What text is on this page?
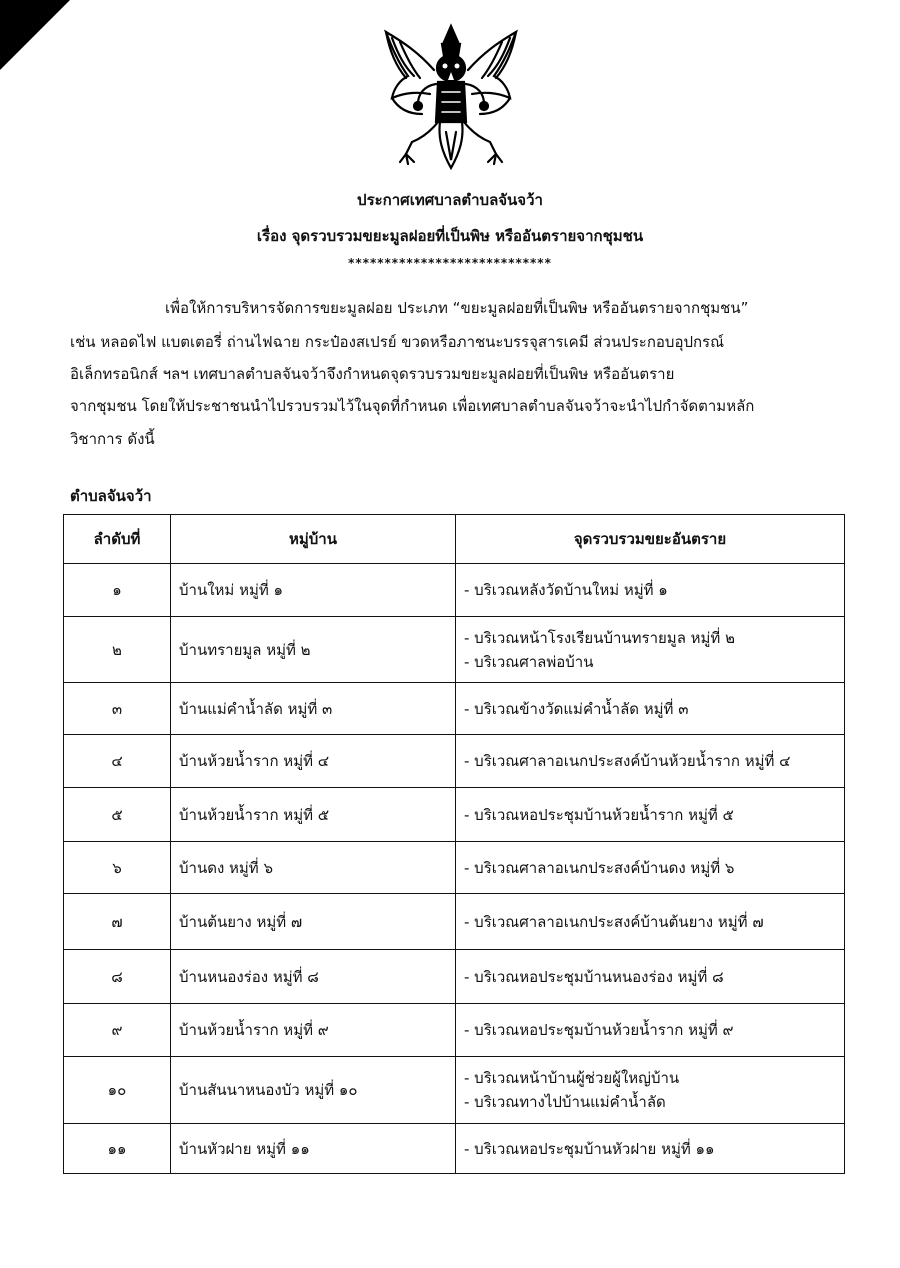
ประกาศเทศบาลตำบลจันจว้า
เรื่อง จุดรวบรวมขยะมูลฝอยที่เป็นพิษ หรืออันตรายจากชุมชน
****************************
เพื่อให้การบริหารจัดการขยะมูลฝอย ประเภท “ขยะมูลฝอยที่เป็นพิษ หรืออันตรายจากชุมชน”
เช่น หลอดไฟ แบตเตอรี่ ถ่านไฟฉาย กระป๋องสเปรย์ ขวดหรือภาชนะบรรจุสารเคมี ส่วนประกอบอุปกรณ์
อิเล็กทรอนิกส์ ฯลฯ เทศบาลตำบลจันจว้าจึงกำหนดจุดรวบรวมขยะมูลฝอยที่เป็นพิษ หรืออันตราย
จากชุมชน โดยให้ประชาชนนำไปรวบรวมไว้ในจุดที่กำหนด เพื่อเทศบาลตำบลจันจว้าจะนำไปกำจัดตามหลัก
วิชาการ ดังนี้
ตำบลจันจว้า
ลำดับที่	หมู่บ้าน	จุดรวบรวมขยะอันตราย
๑	บ้านใหม่ หมู่ที่ ๑	- บริเวณหลังวัดบ้านใหม่ หมู่ที่ ๑

๒	บ้านทรายมูล หมู่ที่ ๒	- บริเวณหน้าโรงเรียนบ้านทรายมูล หมู่ที่ ๒
- บริเวณศาลพ่อบ้าน

๓	บ้านแม่คำน้ำลัด หมู่ที่ ๓	- บริเวณข้างวัดแม่คำน้ำลัด หมู่ที่ ๓

๔	บ้านห้วยน้ำราก หมู่ที่ ๔	- บริเวณศาลาอเนกประสงค์บ้านห้วยน้ำราก หมู่ที่ ๔

๕	บ้านห้วยน้ำราก หมู่ที่ ๕	- บริเวณหอประชุมบ้านห้วยน้ำราก หมู่ที่ ๕

๖	บ้านดง หมู่ที่ ๖	- บริเวณศาลาอเนกประสงค์บ้านดง หมู่ที่ ๖

๗	บ้านต้นยาง หมู่ที่ ๗	- บริเวณศาลาอเนกประสงค์บ้านต้นยาง หมู่ที่ ๗

๘	บ้านหนองร่อง หมู่ที่ ๘	- บริเวณหอประชุมบ้านหนองร่อง หมู่ที่ ๘

๙	บ้านห้วยน้ำราก หมู่ที่ ๙	- บริเวณหอประชุมบ้านห้วยน้ำราก หมู่ที่ ๙

๑๐	บ้านสันนาหนองบัว หมู่ที่ ๑๐	- บริเวณหน้าบ้านผู้ช่วยผู้ใหญ่บ้าน
- บริเวณทางไปบ้านแม่คำน้ำลัด

๑๑	บ้านหัวฝาย หมู่ที่ ๑๑	- บริเวณหอประชุมบ้านหัวฝาย หมู่ที่ ๑๑
